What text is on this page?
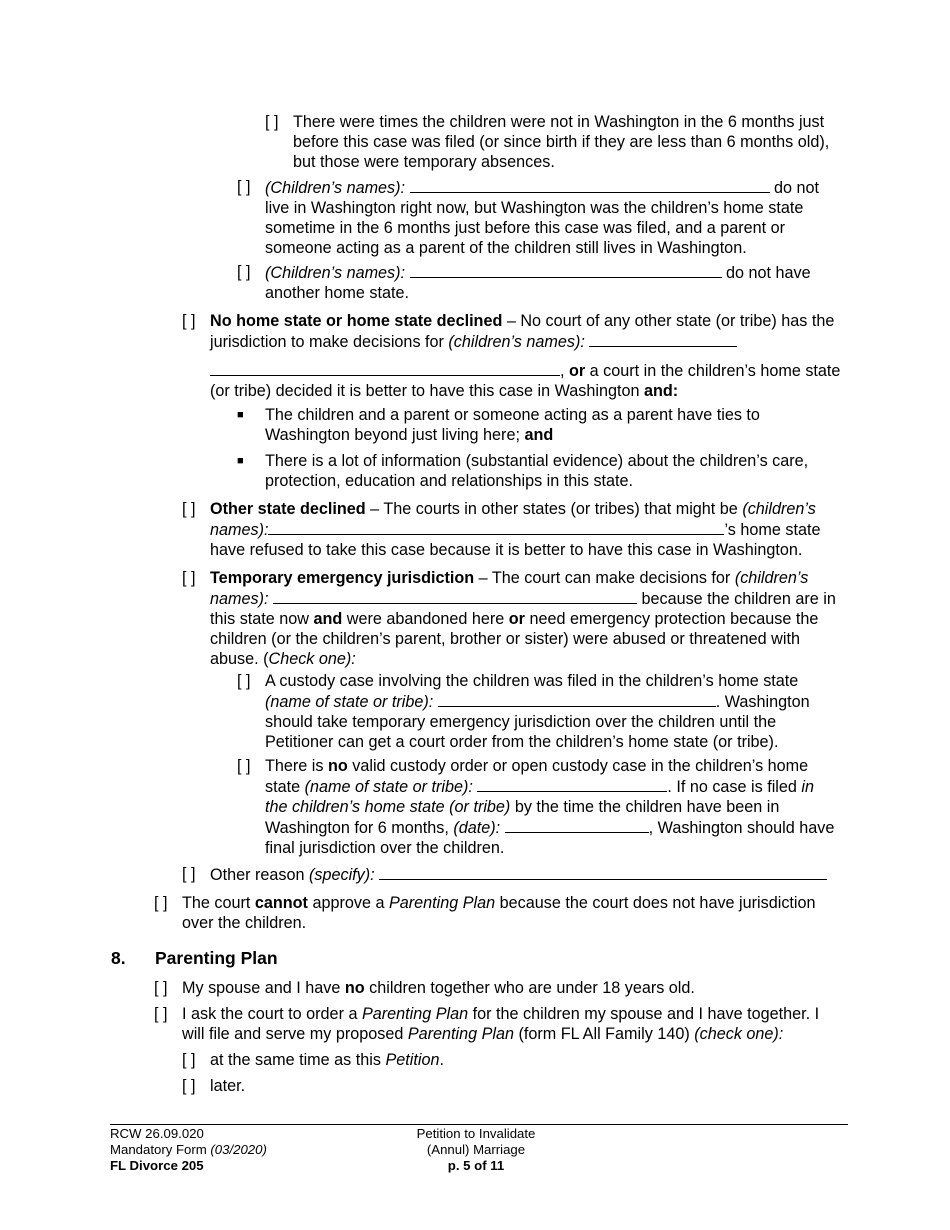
[ ] There were times the children were not in Washington in the 6 months just before this case was filed (or since birth if they are less than 6 months old), but those were temporary absences.
[ ] (Children’s names):	do not live in Washington right now, but Washington was the children’s home state sometime in the 6 months just before this case was filed, and a parent or someone acting as a parent of the children still lives in Washington.
[ ] (Children’s names):	do not have another home state.
[ ] No home state or home state declined – No court of any other state (or tribe) has the jurisdiction to make decisions for (children’s names):
, or a court in the children’s home state (or tribe) decided it is better to have this case in Washington and:
■	The children and a parent or someone acting as a parent have ties to Washington beyond just living here; and
■	There is a lot of information (substantial evidence) about the children’s care, protection, education and relationships in this state.
[ ] Other state declined – The courts in other states (or tribes) that might be (children’s names):	’s home state have refused to take this case because it is better to have this case in Washington.
[ ] Temporary emergency jurisdiction – The court can make decisions for (children’s names):	because the children are in this state now and were abandoned here or need emergency protection because the children (or the children’s parent, brother or sister) were abused or threatened with abuse. (Check one):
[ ] A custody case involving the children was filed in the children’s home state (name of state or tribe):	. Washington should take temporary emergency jurisdiction over the children until the Petitioner can get a court order from the children’s home state (or tribe).
[ ] There is no valid custody order or open custody case in the children’s home state (name of state or tribe):	. If no case is filed in the children’s home state (or tribe) by the time the children have been in Washington for 6 months, (date):	, Washington should have final jurisdiction over the children.
[ ] Other reason (specify):
[ ] The court cannot approve a Parenting Plan because the court does not have jurisdiction over the children.
8. Parenting Plan
[ ] My spouse and I have no children together who are under 18 years old.
[ ] I ask the court to order a Parenting Plan for the children my spouse and I have together. I will file and serve my proposed Parenting Plan (form FL All Family 140) (check one):
[ ] at the same time as this Petition.
[ ] later.
RCW 26.09.020
Mandatory Form (03/2020)
FL Divorce 205
Petition to Invalidate
(Annul) Marriage
p. 5 of 11
